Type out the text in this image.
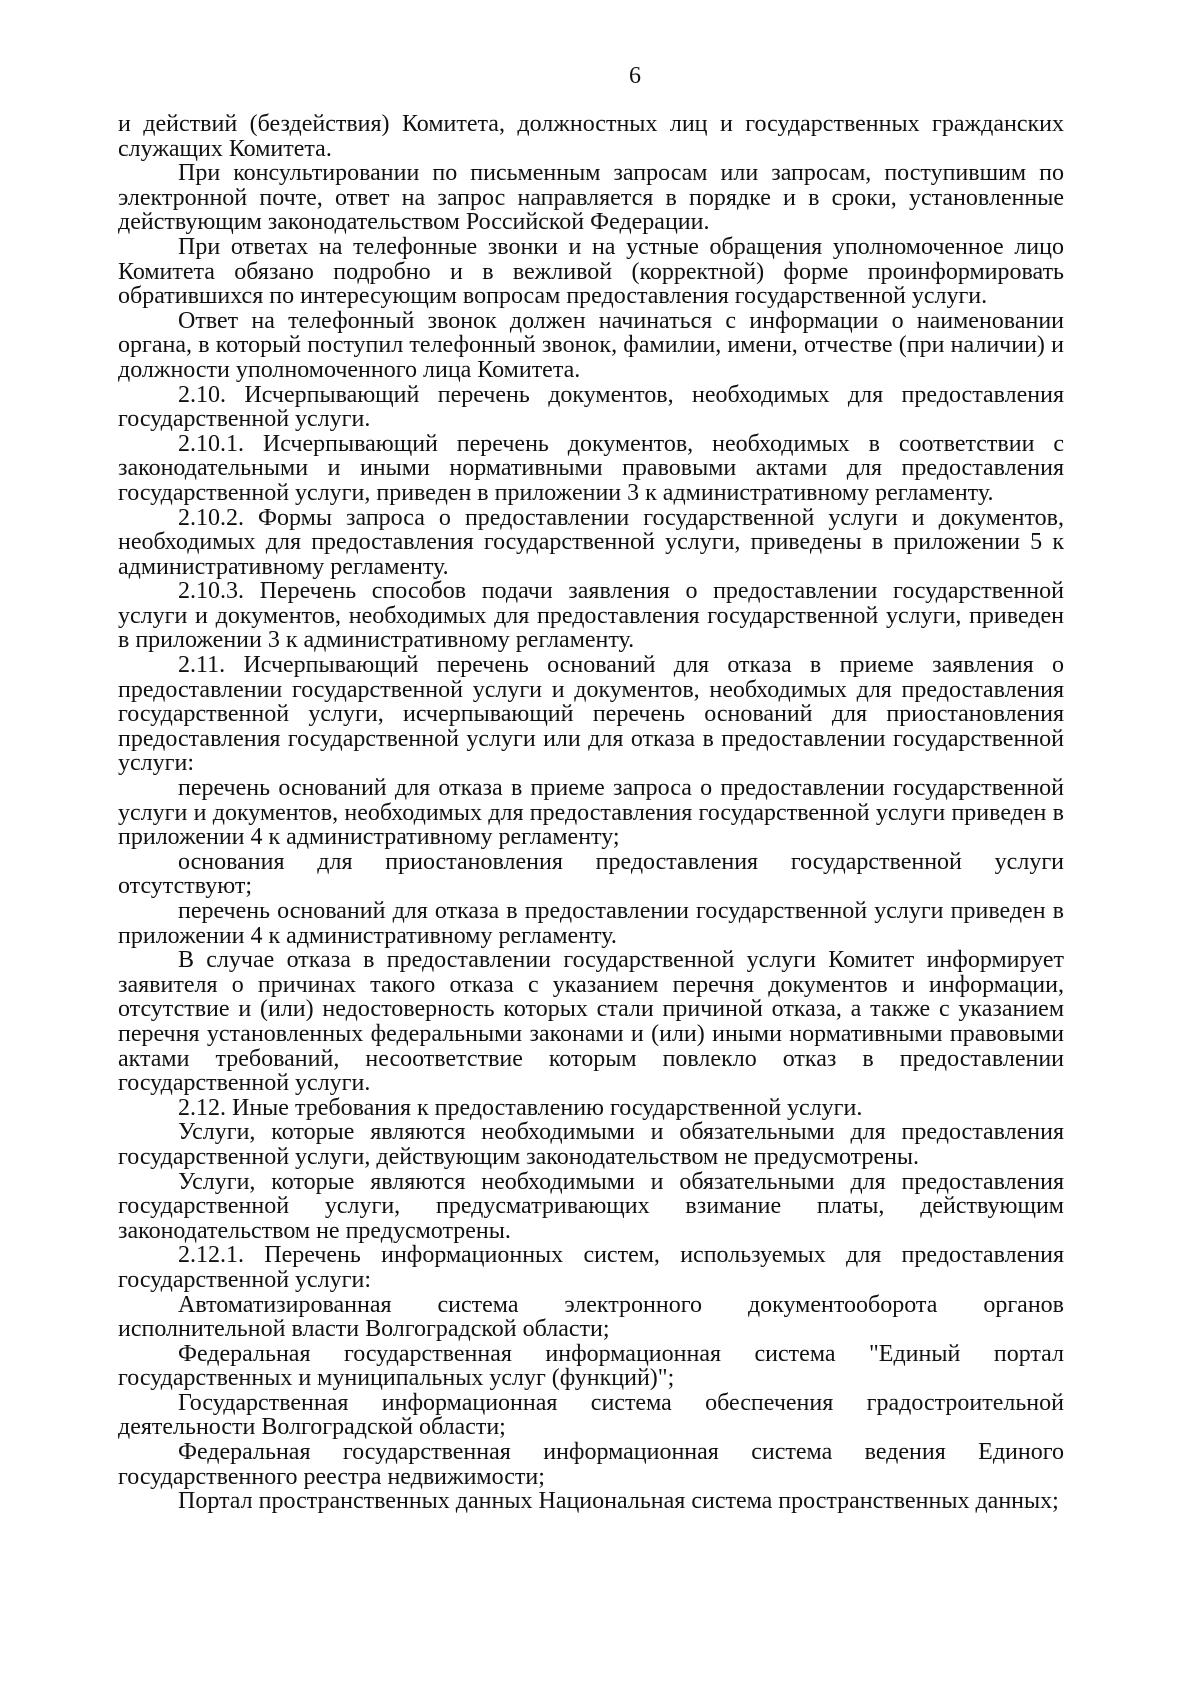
6

и действий (бездействия) Комитета, должностных лиц и государственных гражданских служащих Комитета.

При консультировании по письменным запросам или запросам, поступившим по электронной почте, ответ на запрос направляется в порядке и в сроки, установленные действующим законодательством Российской Федерации.

При ответах на телефонные звонки и на устные обращения уполномоченное лицо Комитета обязано подробно и в вежливой (корректной) форме проинформировать обратившихся по интересующим вопросам предоставления государственной услуги.

Ответ на телефонный звонок должен начинаться с информации о наименовании органа, в который поступил телефонный звонок, фамилии, имени, отчестве (при наличии) и должности уполномоченного лица Комитета.

2.10. Исчерпывающий перечень документов, необходимых для предоставления государственной услуги.

2.10.1. Исчерпывающий перечень документов, необходимых в соответствии с законодательными и иными нормативными правовыми актами для предоставления государственной услуги, приведен в приложении 3 к административному регламенту.

2.10.2. Формы запроса о предоставлении государственной услуги и документов, необходимых для предоставления государственной услуги, приведены в приложении 5 к административному регламенту.

2.10.3. Перечень способов подачи заявления о предоставлении государственной услуги и документов, необходимых для предоставления государственной услуги, приведен в приложении 3 к административному регламенту.

2.11. Исчерпывающий перечень оснований для отказа в приеме заявления о предоставлении государственной услуги и документов, необходимых для предоставления государственной услуги, исчерпывающий перечень оснований для приостановления предоставления государственной услуги или для отказа в предоставлении государственной услуги:

перечень оснований для отказа в приеме запроса о предоставлении государственной услуги и документов, необходимых для предоставления государственной услуги приведен в приложении 4 к административному регламенту;

основания для приостановления предоставления государственной услуги отсутствуют;

перечень оснований для отказа в предоставлении государственной услуги приведен в приложении 4 к административному регламенту.

В случае отказа в предоставлении государственной услуги Комитет информирует заявителя о причинах такого отказа с указанием перечня документов и информации, отсутствие и (или) недостоверность которых стали причиной отказа, а также с указанием перечня установленных федеральными законами и (или) иными нормативными правовыми актами требований, несоответствие которым повлекло отказ в предоставлении государственной услуги.

2.12. Иные требования к предоставлению государственной услуги.

Услуги, которые являются необходимыми и обязательными для предоставления государственной услуги, действующим законодательством не предусмотрены.

Услуги, которые являются необходимыми и обязательными для предоставления государственной услуги, предусматривающих взимание платы, действующим законодательством не предусмотрены.

2.12.1. Перечень информационных систем, используемых для предоставления государственной услуги:

Автоматизированная система электронного документооборота органов исполнительной власти Волгоградской области;

Федеральная государственная информационная система "Единый портал государственных и муниципальных услуг (функций)";

Государственная информационная система обеспечения градостроительной деятельности Волгоградской области;

Федеральная государственная информационная система ведения Единого государственного реестра недвижимости;

Портал пространственных данных Национальная система пространственных данных;
